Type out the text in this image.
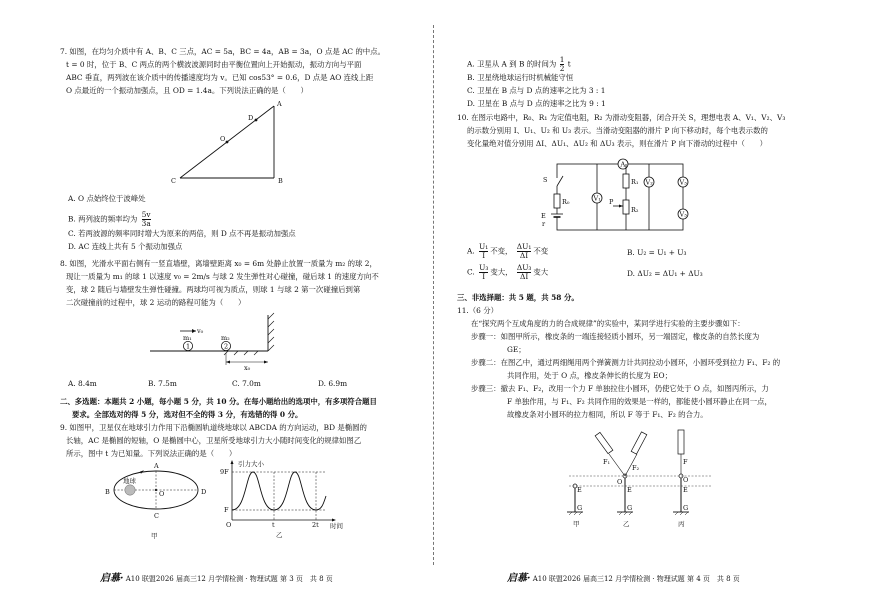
7. 如图，在均匀介质中有 A、B、C 三点，AC = 5a，BC = 4a，AB = 3a，O 点是 AC 的中点。
t = 0 时，位于 B、C 两点的两个横波波源同时由平衡位置向上开始振动，振动方向与平面
ABC 垂直，两列波在该介质中的传播速度均为 v。已知 cos53° = 0.6，D 点是 AO 连线上距
O 点最近的一个振动加强点，且 OD = 1.4a。下列说法正确的是（　　）
A
B
C
D
O
A. O 点始终位于波峰处
B. 两列波的频率均为 $\frac{5v}{3a}$
C. 若两波源的频率同时增大为原来的两倍，则 D 点不再是振动加强点
D. AC 连线上共有 5 个振动加强点
8. 如图，光滑水平面右侧有一竖直墙壁，离墙壁距离 x₀ = 6m 处静止放置一质量为 m₂ 的球 2，
现让一质量为 m₁ 的球 1 以速度 v₀ = 2m/s 与球 2 发生弹性对心碰撞，碰后球 1 的速度方向不
变，球 2 随后与墙壁发生弹性碰撞。两球均可视为质点，则球 1 与球 2 第一次碰撞后到第
二次碰撞前的过程中，球 2 运动的路程可能为（　　）
v₀
1
m₁
2
m₂
x₀
A. 8.4m	B. 7.5m	C. 7.0m	D. 6.9m
二、多选题：本题共 2 小题，每小题 5 分，共 10 分。在每小题给出的选项中，有多项符合题目
要求。全部选对的得 5 分，选对但不全的得 3 分，有选错的得 0 分。
9. 如图甲，卫星仅在地球引力作用下沿椭圆轨道绕地球以 ABCDA 的方向运动，BD 是椭圆的
长轴，AC 是椭圆的短轴，O 是椭圆中心，卫星所受地球引力大小随时间变化的规律如图乙
所示，图中 t 为已知量。下列说法正确的是（　　）
地球
B	D
A
C
O
甲
引力大小
9F
F
O	t	2t 时间
乙
启慕· A10 联盟2026 届高三12 月学情检测 · 物理试题 第 3 页　共 8 页
A. 卫星从 A 到 B 的时间为 $\frac{1}{2}$ t
B. 卫星绕地球运行时机械能守恒
C. 卫星在 B 点与 D 点的速率之比为 3 : 1
D. 卫星在 B 点与 D 点的速率之比为 9 : 1
10. 在图示电路中，R₀、R₁ 为定值电阻，R₂ 为滑动变阻器，闭合开关 S，理想电表 A、V₁、V₂、V₃
的示数分别用 I、U₁、U₂ 和 U₃ 表示。当滑动变阻器的滑片 P 向下移动时，每个电表示数的
变化量绝对值分别用 ΔI、ΔU₁、ΔU₂ 和 ΔU₃ 表示，则在滑片 P 向下滑动的过程中（　　）
S
R₀
E
r
A
R₁
R₂
P
V₁
V₂	V₃
V₃
A. $\frac{\text{U₁}}{I}$ 不变， $\frac{\text{ΔU₁}}{\Delta I}$ 不变	B. U₂ = U₁ + U₃
C. $\frac{\text{U₃}}{I}$ 变大， $\frac{\text{ΔU₃}}{\Delta I}$ 变大	D. ΔU₂ = ΔU₁ + ΔU₃
三、非选择题：共 5 题，共 58 分。
11.（6 分）
在“探究两个互成角度的力的合成规律”的实验中，某同学进行实验的主要步骤如下：
步骤一：如图甲所示，橡皮条的一端连接轻质小圆环，另一端固定，橡皮条的自然长度为
GE；
步骤二：在图乙中，通过两细绳用两个弹簧测力计共同拉动小圆环，小圆环受到拉力 F₁、F₂ 的
共同作用，处于 O 点，橡皮条伸长的长度为 EO；
步骤三：撤去 F₁、F₂，改用一个力 F 单独拉住小圆环，仍使它处于 O 点，如图丙所示，力
F 单独作用，与 F₁、F₂ 共同作用的效果是一样的，都能使小圆环静止在同一点，
故橡皮条对小圆环的拉力相同，所以 F 等于 F₁、F₂ 的合力。
E
G
甲
F₁
F₂
O
E
G
乙
F
O
E
G
丙
启慕· A10 联盟2026 届高三12 月学情检测 · 物理试题 第 4 页　共 8 页
